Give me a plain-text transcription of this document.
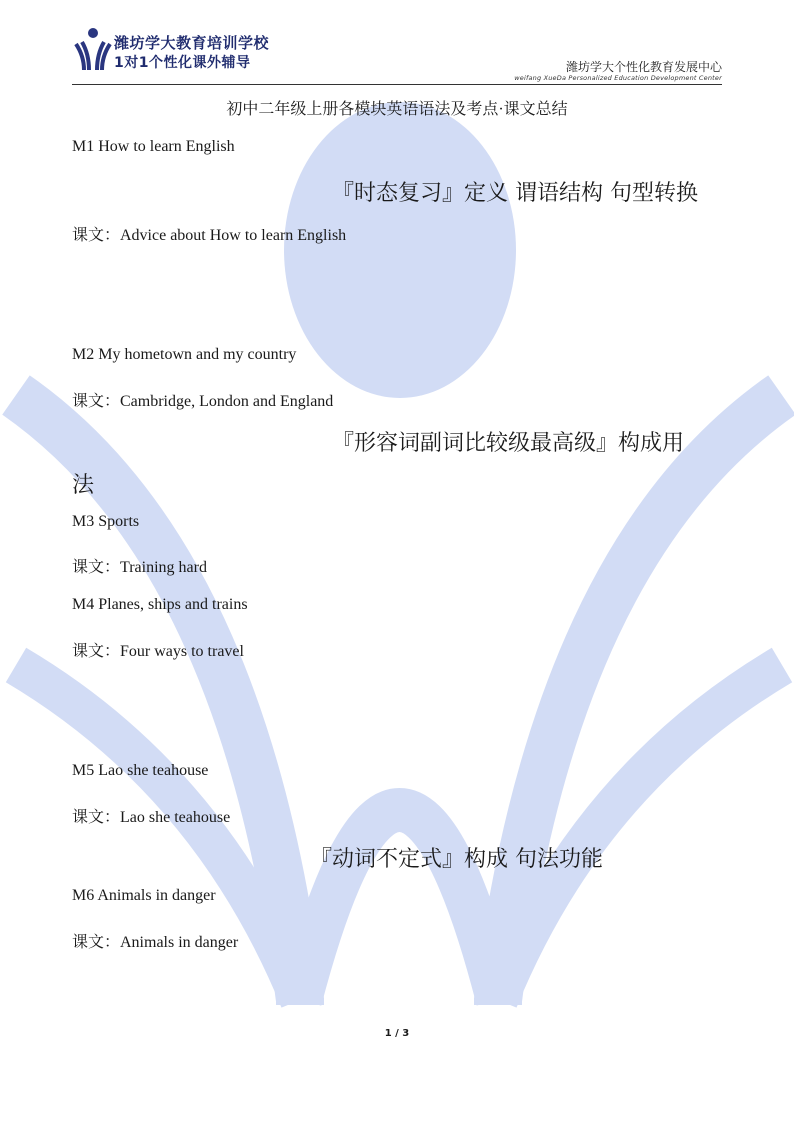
潍坊学大教育培训学校
1对1个性化课外辅导	潍坊学大个性化教育发展中心
weifang XueDa Personalized Education Development Center
初中二年级上册各模块英语语法及考点·课文总结
M1 How to learn English
『时态复习』定义 谓语结构 句型转换
课文：Advice about How to learn English
M2 My hometown and my country
课文：Cambridge, London and England
『形容词副词比较级最高级』构成用
法
M3 Sports
课文：Training hard
M4 Planes, ships and trains
课文：Four ways to travel
M5 Lao she teahouse
课文：Lao she teahouse
『动词不定式』构成 句法功能
M6 Animals in danger
课文：Animals in danger
1 / 3
